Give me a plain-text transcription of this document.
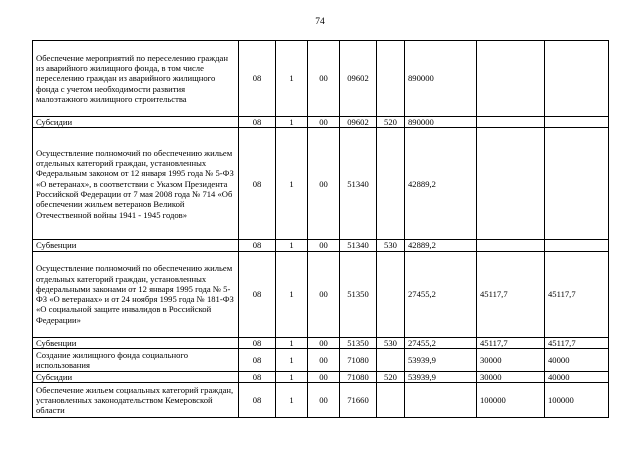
74
Обеспечение мероприятий по переселению граждан из аварийного жилищного фонда, в том числе переселению граждан из аварийного жилищного фонда с учетом необходимости развития малоэтажного жилищного строительства	08	1	00	09602		890000		
Субсидии	08	1	00	09602	520	890000		
Осуществление полномочий по обеспечению жильем отдельных категорий граждан, установленных Федеральным законом от 12 января 1995 года № 5-ФЗ «О ветеранах», в соответствии с Указом Президента Российской Федерации от 7 мая 2008 года № 714 «Об обеспечении жильем ветеранов Великой Отечественной войны 1941 - 1945 годов»	08	1	00	51340		42889,2		
Субвенции	08	1	00	51340	530	42889,2		
Осуществление полномочий по обеспечению жильем отдельных категорий граждан, установленных федеральными законами от 12 января 1995 года № 5-ФЗ «О ветеранах» и от 24 ноября 1995 года № 181-ФЗ «О социальной защите инвалидов в Российской Федерации»	08	1	00	51350		27455,2	45117,7	45117,7
Субвенции	08	1	00	51350	530	27455,2	45117,7	45117,7
Создание жилищного фонда социального использования	08	1	00	71080		53939,9	30000	40000
Субсидии	08	1	00	71080	520	53939,9	30000	40000
Обеспечение жильем социальных категорий граждан, установленных законодательством Кемеровской области	08	1	00	71660			100000	100000
